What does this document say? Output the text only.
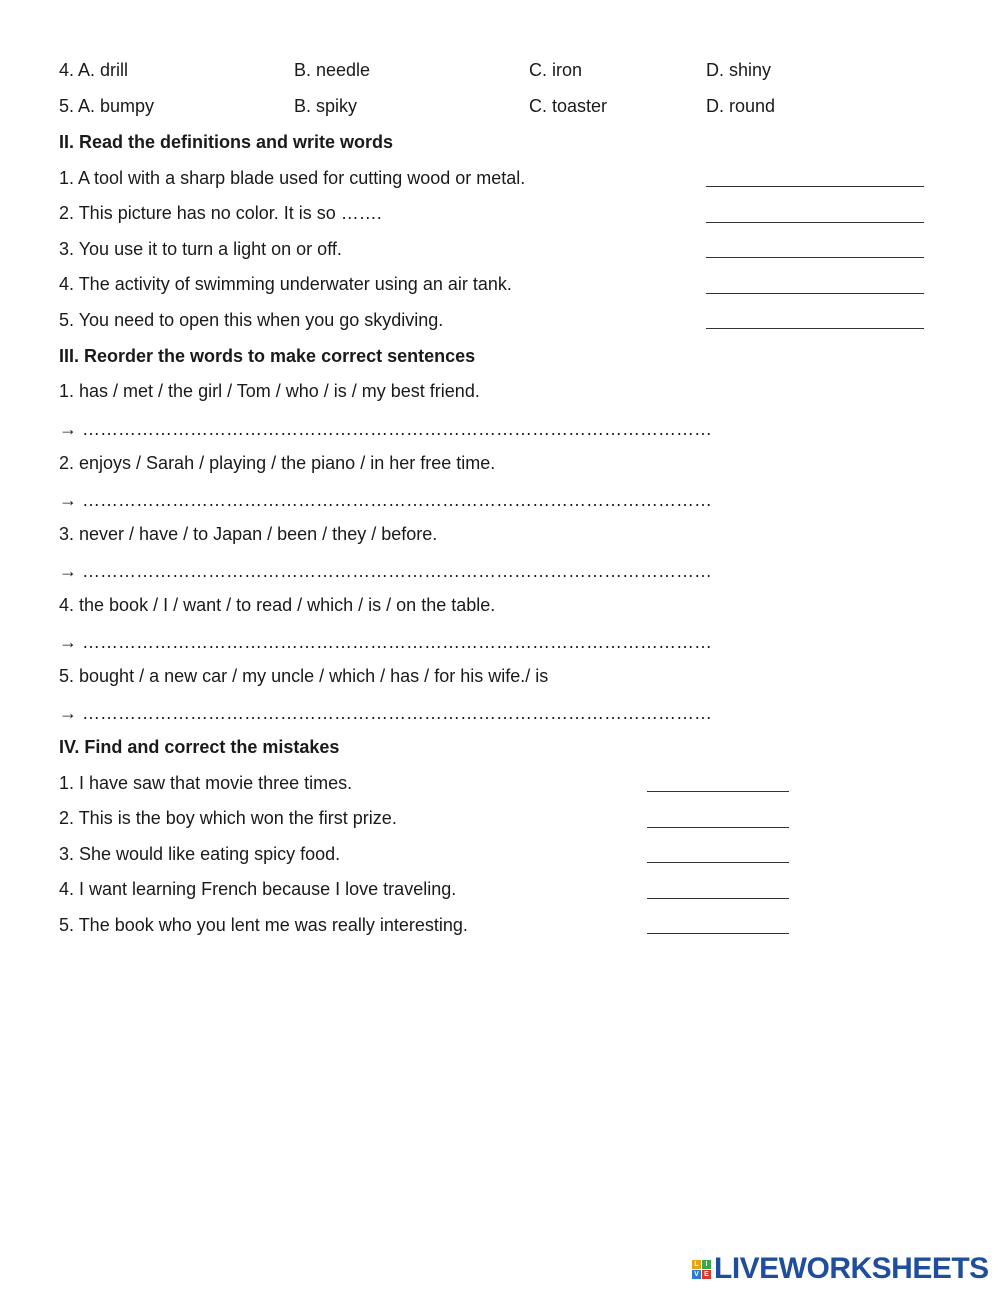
4. A. drill	B. needle	C. iron	D. shiny
5. A. bumpy	B. spiky	C. toaster	D. round
II. Read the definitions and write words
1. A tool with a sharp blade used for cutting wood or metal.
2. This picture has no color. It is so …….
3. You use it to turn a light on or off.
4. The activity of swimming underwater using an air tank.
5. You need to open this when you go skydiving.
III. Reorder the words to make correct sentences
1. has / met / the girl / Tom / who / is / my best friend.
→ ……………………………………………………………………………………………
2. enjoys / Sarah / playing / the piano / in her free time.
→ ……………………………………………………………………………………………
3. never / have / to Japan / been / they / before.
→ ……………………………………………………………………………………………
4. the book / I / want / to read / which / is / on the table.
→ ……………………………………………………………………………………………
5. bought / a new car / my uncle / which / has / for his wife./ is
→ ……………………………………………………………………………………………
IV. Find and correct the mistakes
1. I have saw that movie three times.
2. This is the boy which won the first prize.
3. She would like eating spicy food.
4. I want learning French because I love traveling.
5. The book who you lent me was really interesting.
L I
V E LIVEWORKSHEETS
